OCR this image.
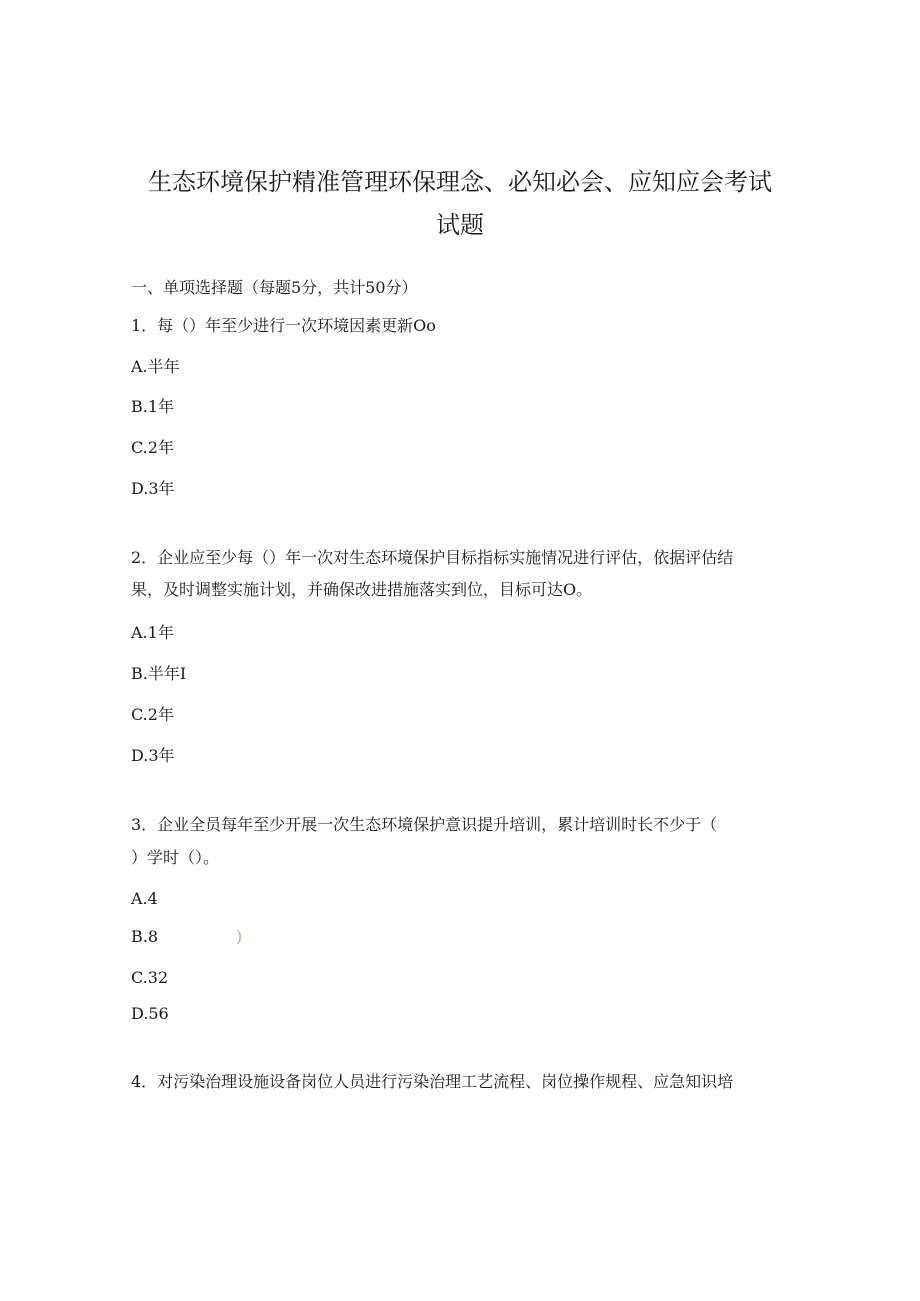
生态环境保护精准管理环保理念、必知必会、应知应会考试
试题
一、单项选择题（每题5分，共计50分）
1．每（）年至少进行一次环境因素更新Oo
A.半年
B.1年
C.2年
D.3年
2．企业应至少每（）年一次对生态环境保护目标指标实施情况进行评估，依据评估结
果，及时调整实施计划，并确保改进措施落实到位，目标可达O。
A.1年
B.半年I
C.2年
D.3年
3．企业全员每年至少开展一次生态环境保护意识提升培训，累计培训时长不少于（
）学时（）。
A.4
B.8	)
C.32
D.56
4．对污染治理设施设备岗位人员进行污染治理工艺流程、岗位操作规程、应急知识培
